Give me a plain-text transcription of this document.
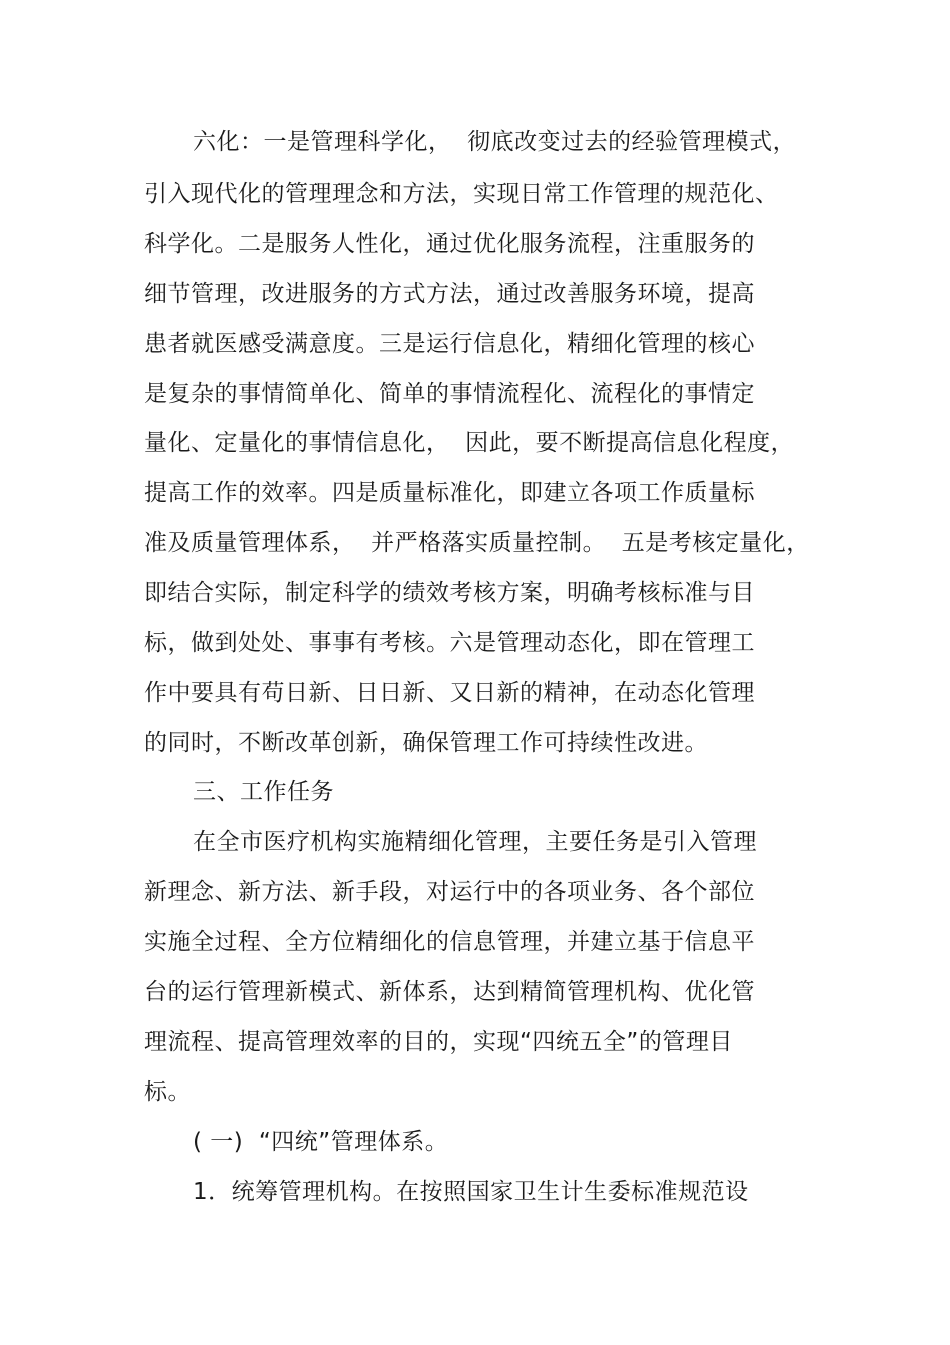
六化：一是管理科学化，  彻底改变过去的经验管理模式，
引入现代化的管理理念和方法，实现日常工作管理的规范化、
科学化。二是服务人性化，通过优化服务流程，注重服务的
细节管理，改进服务的方式方法，通过改善服务环境，提高
患者就医感受满意度。三是运行信息化，精细化管理的核心
是复杂的事情简单化、简单的事情流程化、流程化的事情定
量化、定量化的事情信息化，  因此，要不断提高信息化程度，
提高工作的效率。四是质量标准化，即建立各项工作质量标
准及质量管理体系，  并严格落实质量控制。  五是考核定量化，
即结合实际，制定科学的绩效考核方案，明确考核标准与目
标，做到处处、事事有考核。六是管理动态化，即在管理工
作中要具有苟日新、日日新、又日新的精神，在动态化管理
的同时，不断改革创新，确保管理工作可持续性改进。
三、工作任务
在全市医疗机构实施精细化管理，主要任务是引入管理
新理念、新方法、新手段，对运行中的各项业务、各个部位
实施全过程、全方位精细化的信息管理，并建立基于信息平
台的运行管理新模式、新体系，达到精简管理机构、优化管
理流程、提高管理效率的目的，实现“四统五全”的管理目
标。
( 一)  “四统”管理体系。
1．统筹管理机构。在按照国家卫生计生委标准规范设
